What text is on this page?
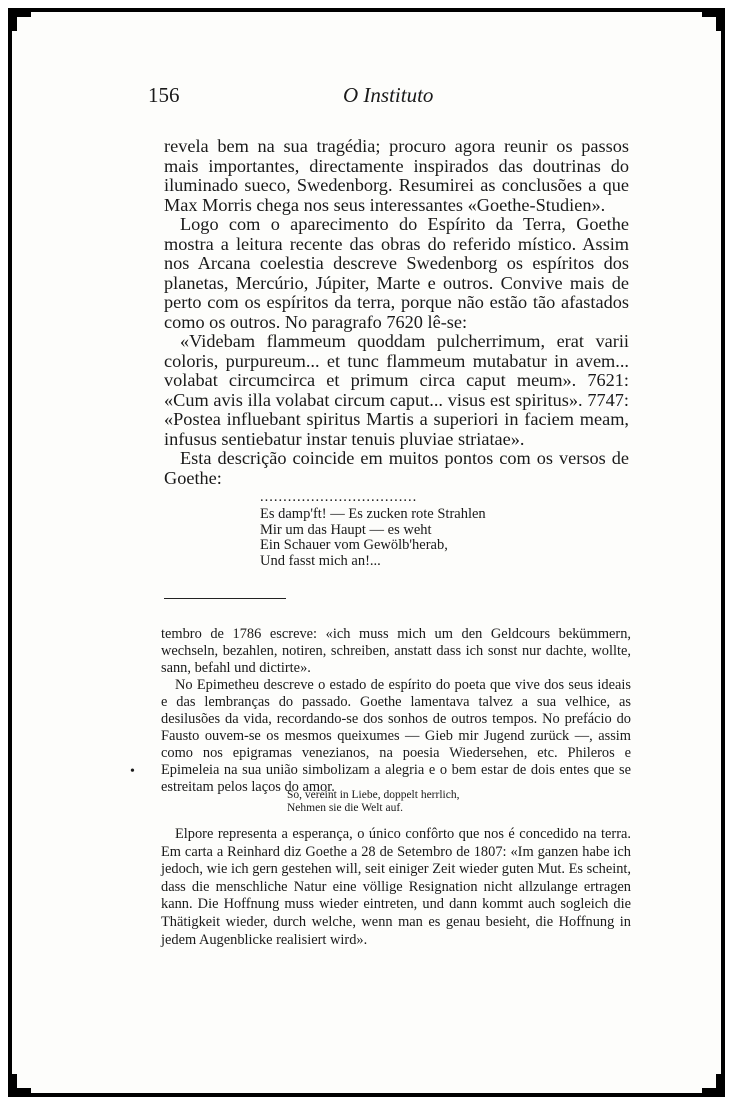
156	O Instituto

revela bem na sua tragédia; procuro agora reunir os passos mais importantes, directamente inspirados das doutrinas do iluminado sueco, Swedenborg. Resumirei as conclusões a que Max Morris chega nos seus interessantes «Goethe-Studien».

Logo com o aparecimento do Espírito da Terra, Goethe mostra a leitura recente das obras do referido místico. Assim nos Arcana coelestia descreve Swedenborg os espíritos dos planetas, Mercúrio, Júpiter, Marte e outros. Convive mais de perto com os espíritos da terra, porque não estão tão afastados como os outros. No paragrafo 7620 lê-se:

«Videbam flammeum quoddam pulcherrimum, erat varii coloris, purpureum... et tunc flammeum mutabatur in avem... volabat circumcirca et primum circa caput meum». 7621: «Cum avis illa volabat circum caput... visus est spiritus». 7747: «Postea influebant spiritus Martis a superiori in faciem meam, infusus sentiebatur instar tenuis pluviae striatae».

Esta descrição coincide em muitos pontos com os versos de Goethe:

..................................
Es damp'ft! — Es zucken rote Strahlen
Mir um das Haupt — es weht
Ein Schauer vom Gewölb'herab,
Und fasst mich an!...

tembro de 1786 escreve: «ich muss mich um den Geldcours bekümmern, wechseln, bezahlen, notiren, schreiben, anstatt dass ich sonst nur dachte, wollte, sann, befahl und dictirte».

No Epimetheu descreve o estado de espírito do poeta que vive dos seus ideais e das lembranças do passado. Goethe lamentava talvez a sua velhice, as desilusões da vida, recordando-se dos sonhos de outros tempos. No prefácio do Fausto ouvem-se os mesmos queixumes — Gieb mir Jugend zurück —, assim como nos epigramas venezianos, na poesia Wiedersehen, etc. Phileros e Epimeleia na sua união simbolizam a alegria e o bem estar de dois entes que se estreitam pelos laços do amor.

•
So, vereint in Liebe, doppelt herrlich,
Nehmen sie die Welt auf.

Elpore representa a esperança, o único confôrto que nos é concedido na terra. Em carta a Reinhard diz Goethe a 28 de Setembro de 1807: «Im ganzen habe ich jedoch, wie ich gern gestehen will, seit einiger Zeit wieder guten Mut. Es scheint, dass die menschliche Natur eine völlige Resignation nicht allzulange ertragen kann. Die Hoffnung muss wieder eintreten, und dann kommt auch sogleich die Thätigkeit wieder, durch welche, wenn man es genau besieht, die Hoffnung in jedem Augenblicke realisiert wird».
